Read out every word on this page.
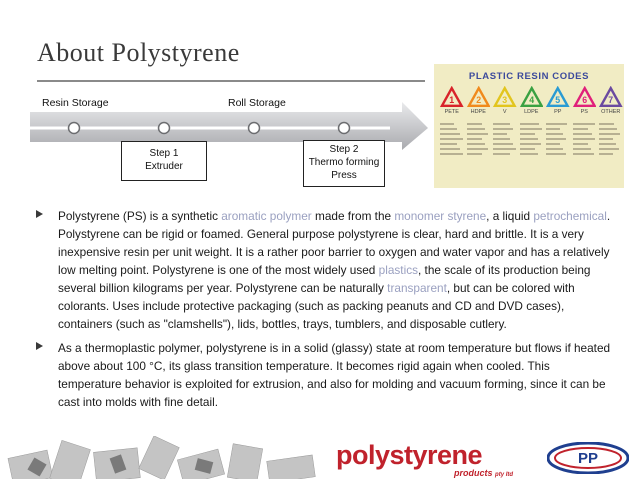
About Polystyrene
Resin Storage	Roll Storage
Step 1
Extruder
Step 2
Thermo forming
Press
PLASTIC RESIN CODES
1
PETE
2
HDPE
3
V
4
LDPE
5
PP
6
PS
7
OTHER

Polystyrene (PS) is a synthetic aromatic polymer made from the monomer styrene, a liquid petrochemical. Polystyrene can be rigid or foamed. General purpose polystyrene is clear, hard and brittle. It is a very inexpensive resin per unit weight. It is a rather poor barrier to oxygen and water vapor and has a relatively low melting point. Polystyrene is one of the most widely used plastics, the scale of its production being several billion kilograms per year. Polystyrene can be naturally transparent, but can be colored with colorants. Uses include protective packaging (such as packing peanuts and CD and DVD cases), containers (such as "clamshells"), lids, bottles, trays, tumblers, and disposable cutlery.

As a thermoplastic polymer, polystyrene is in a solid (glassy) state at room temperature but flows if heated above about 100 °C, its glass transition temperature. It becomes rigid again when cooled. This temperature behavior is exploited for extrusion, and also for molding and vacuum forming, since it can be cast into molds with fine detail.

polystyrene
products pty ltd
PP
